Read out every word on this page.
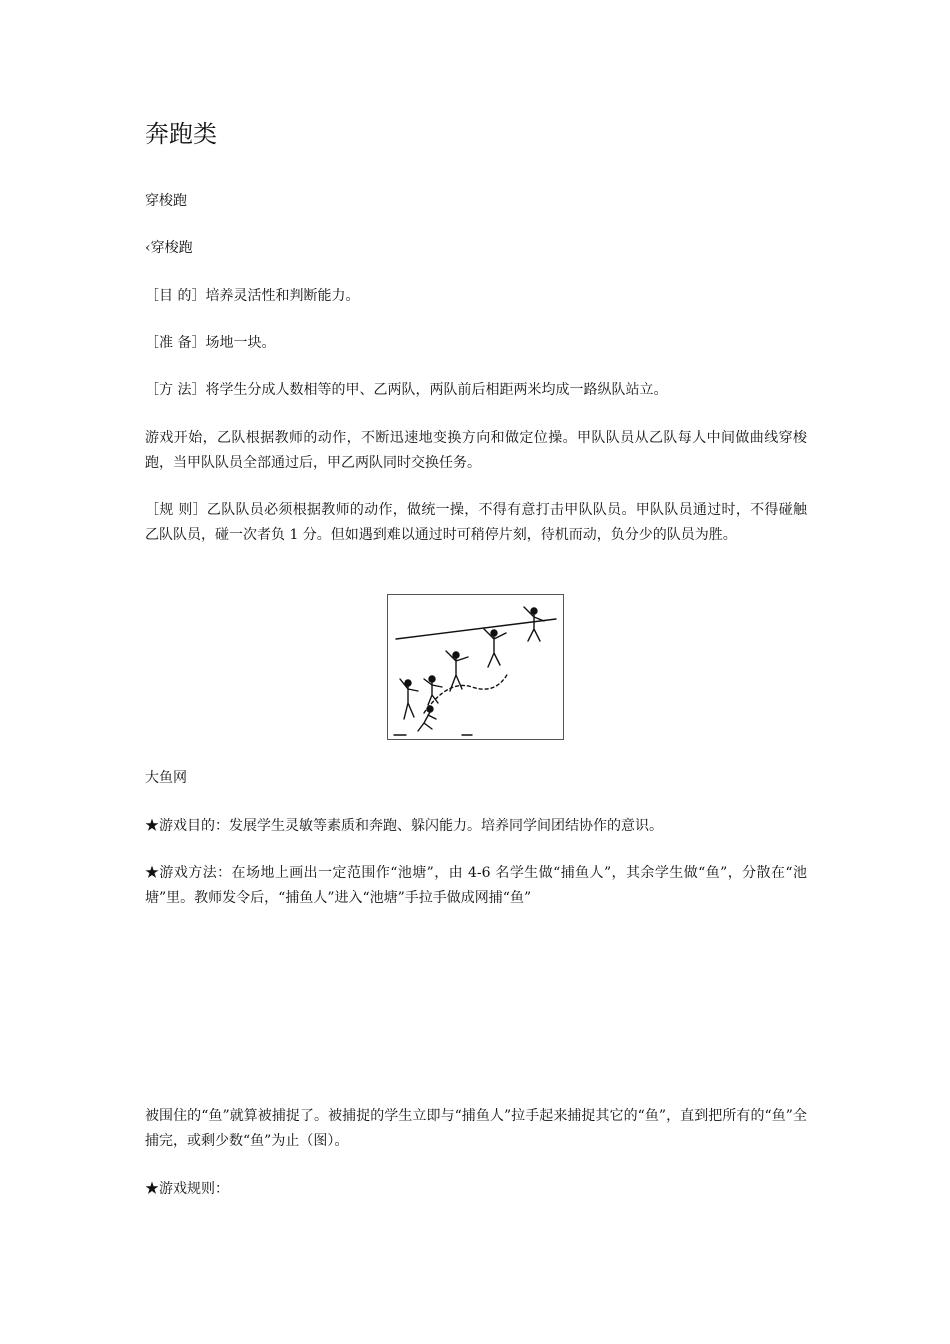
奔跑类
穿梭跑
‹穿梭跑
［目 的］培养灵活性和判断能力。
［准 备］场地一块。
［方 法］将学生分成人数相等的甲、乙两队，两队前后相距两米均成一路纵队站立。
游戏开始，乙队根据教师的动作，不断迅速地变换方向和做定位操。甲队队员从乙队每人中间做曲线穿梭跑，当甲队队员全部通过后，甲乙两队同时交换任务。
［规 则］乙队队员必须根据教师的动作，做统一操，不得有意打击甲队队员。甲队队员通过时，不得碰触乙队队员，碰一次者负 1 分。但如遇到难以通过时可稍停片刻，待机而动，负分少的队员为胜。
大鱼网
★游戏目的：发展学生灵敏等素质和奔跑、躲闪能力。培养同学间团结协作的意识。
★游戏方法：在场地上画出一定范围作“池塘”，由 4-6 名学生做“捕鱼人”，其余学生做“鱼”，分散在“池塘”里。教师发令后，“捕鱼人”进入“池塘”手拉手做成网捕“鱼”
被围住的“鱼”就算被捕捉了。被捕捉的学生立即与“捕鱼人”拉手起来捕捉其它的“鱼”，直到把所有的“鱼”全捕完，或剩少数“鱼”为止（图）。
★游戏规则：
